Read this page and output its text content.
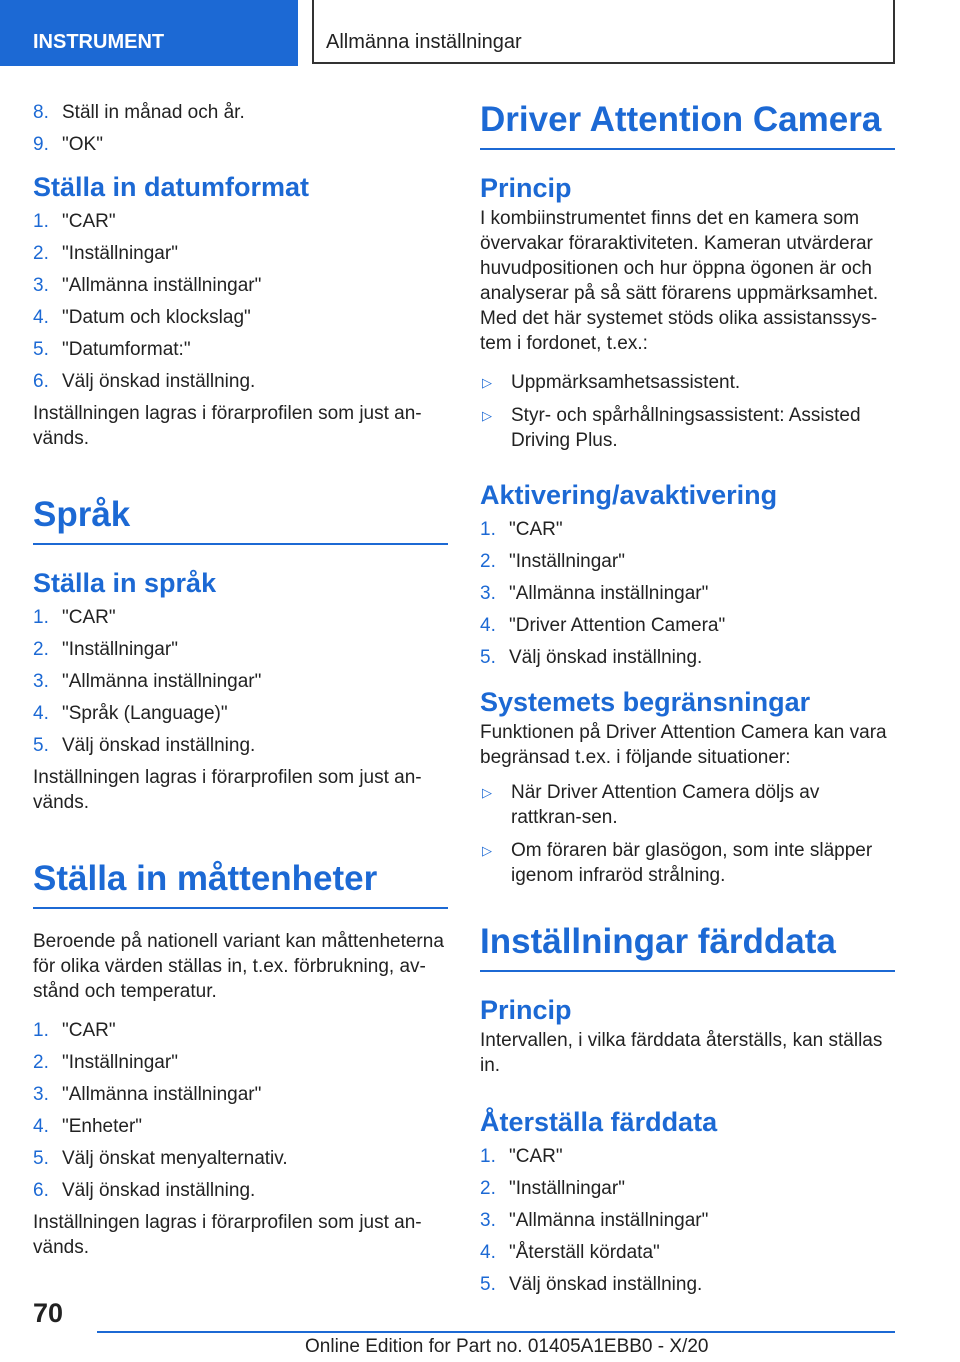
INSTRUMENT	Allmänna inställningar
8. Ställ in månad och år.
9. "OK"
Ställa in datumformat
1. "CAR"
2. "Inställningar"
3. "Allmänna inställningar"
4. "Datum och klockslag"
5. "Datumformat:"
6. Välj önskad inställning.

Inställningen lagras i förarprofilen som just an-vänds.

Språk
Ställa in språk
1. "CAR"
2. "Inställningar"
3. "Allmänna inställningar"
4. "Språk (Language)"
5. Välj önskad inställning.

Inställningen lagras i förarprofilen som just an-vänds.

Ställa in måttenheter

Beroende på nationell variant kan måttenheterna för olika värden ställas in, t.ex. förbrukning, av-stånd och temperatur.

1. "CAR"
2. "Inställningar"
3. "Allmänna inställningar"
4. "Enheter"
5. Välj önskat menyalternativ.
6. Välj önskad inställning.

Inställningen lagras i förarprofilen som just an-vänds.

Driver Attention Camera
Princip

I kombiinstrumentet finns det en kamera som övervakar föraraktiviteten. Kameran utvärderar huvudpositionen och hur öppna ögonen är och analyserar på så sätt förarens uppmärksamhet. Med det här systemet stöds olika assistanssys-tem i fordonet, t.ex.:

▷	Uppmärksamhetsassistent.
▷	Styr- och spårhållningsassistent: Assisted Driving Plus.
Aktivering/avaktivering
1. "CAR"
2. "Inställningar"
3. "Allmänna inställningar"
4. "Driver Attention Camera"
5. Välj önskad inställning.
Systemets begränsningar

Funktionen på Driver Attention Camera kan vara begränsad t.ex. i följande situationer:

▷	När Driver Attention Camera döljs av rattkran-sen.
▷	Om föraren bär glasögon, som inte släpper igenom infraröd strålning.
Inställningar färddata
Princip

Intervallen, i vilka färddata återställs, kan ställas in.

Återställa färddata
1. "CAR"
2. "Inställningar"
3. "Allmänna inställningar"
4. "Återställ kördata"
5. Välj önskad inställning.
70
Online Edition for Part no. 01405A1EBB0 - X/20
